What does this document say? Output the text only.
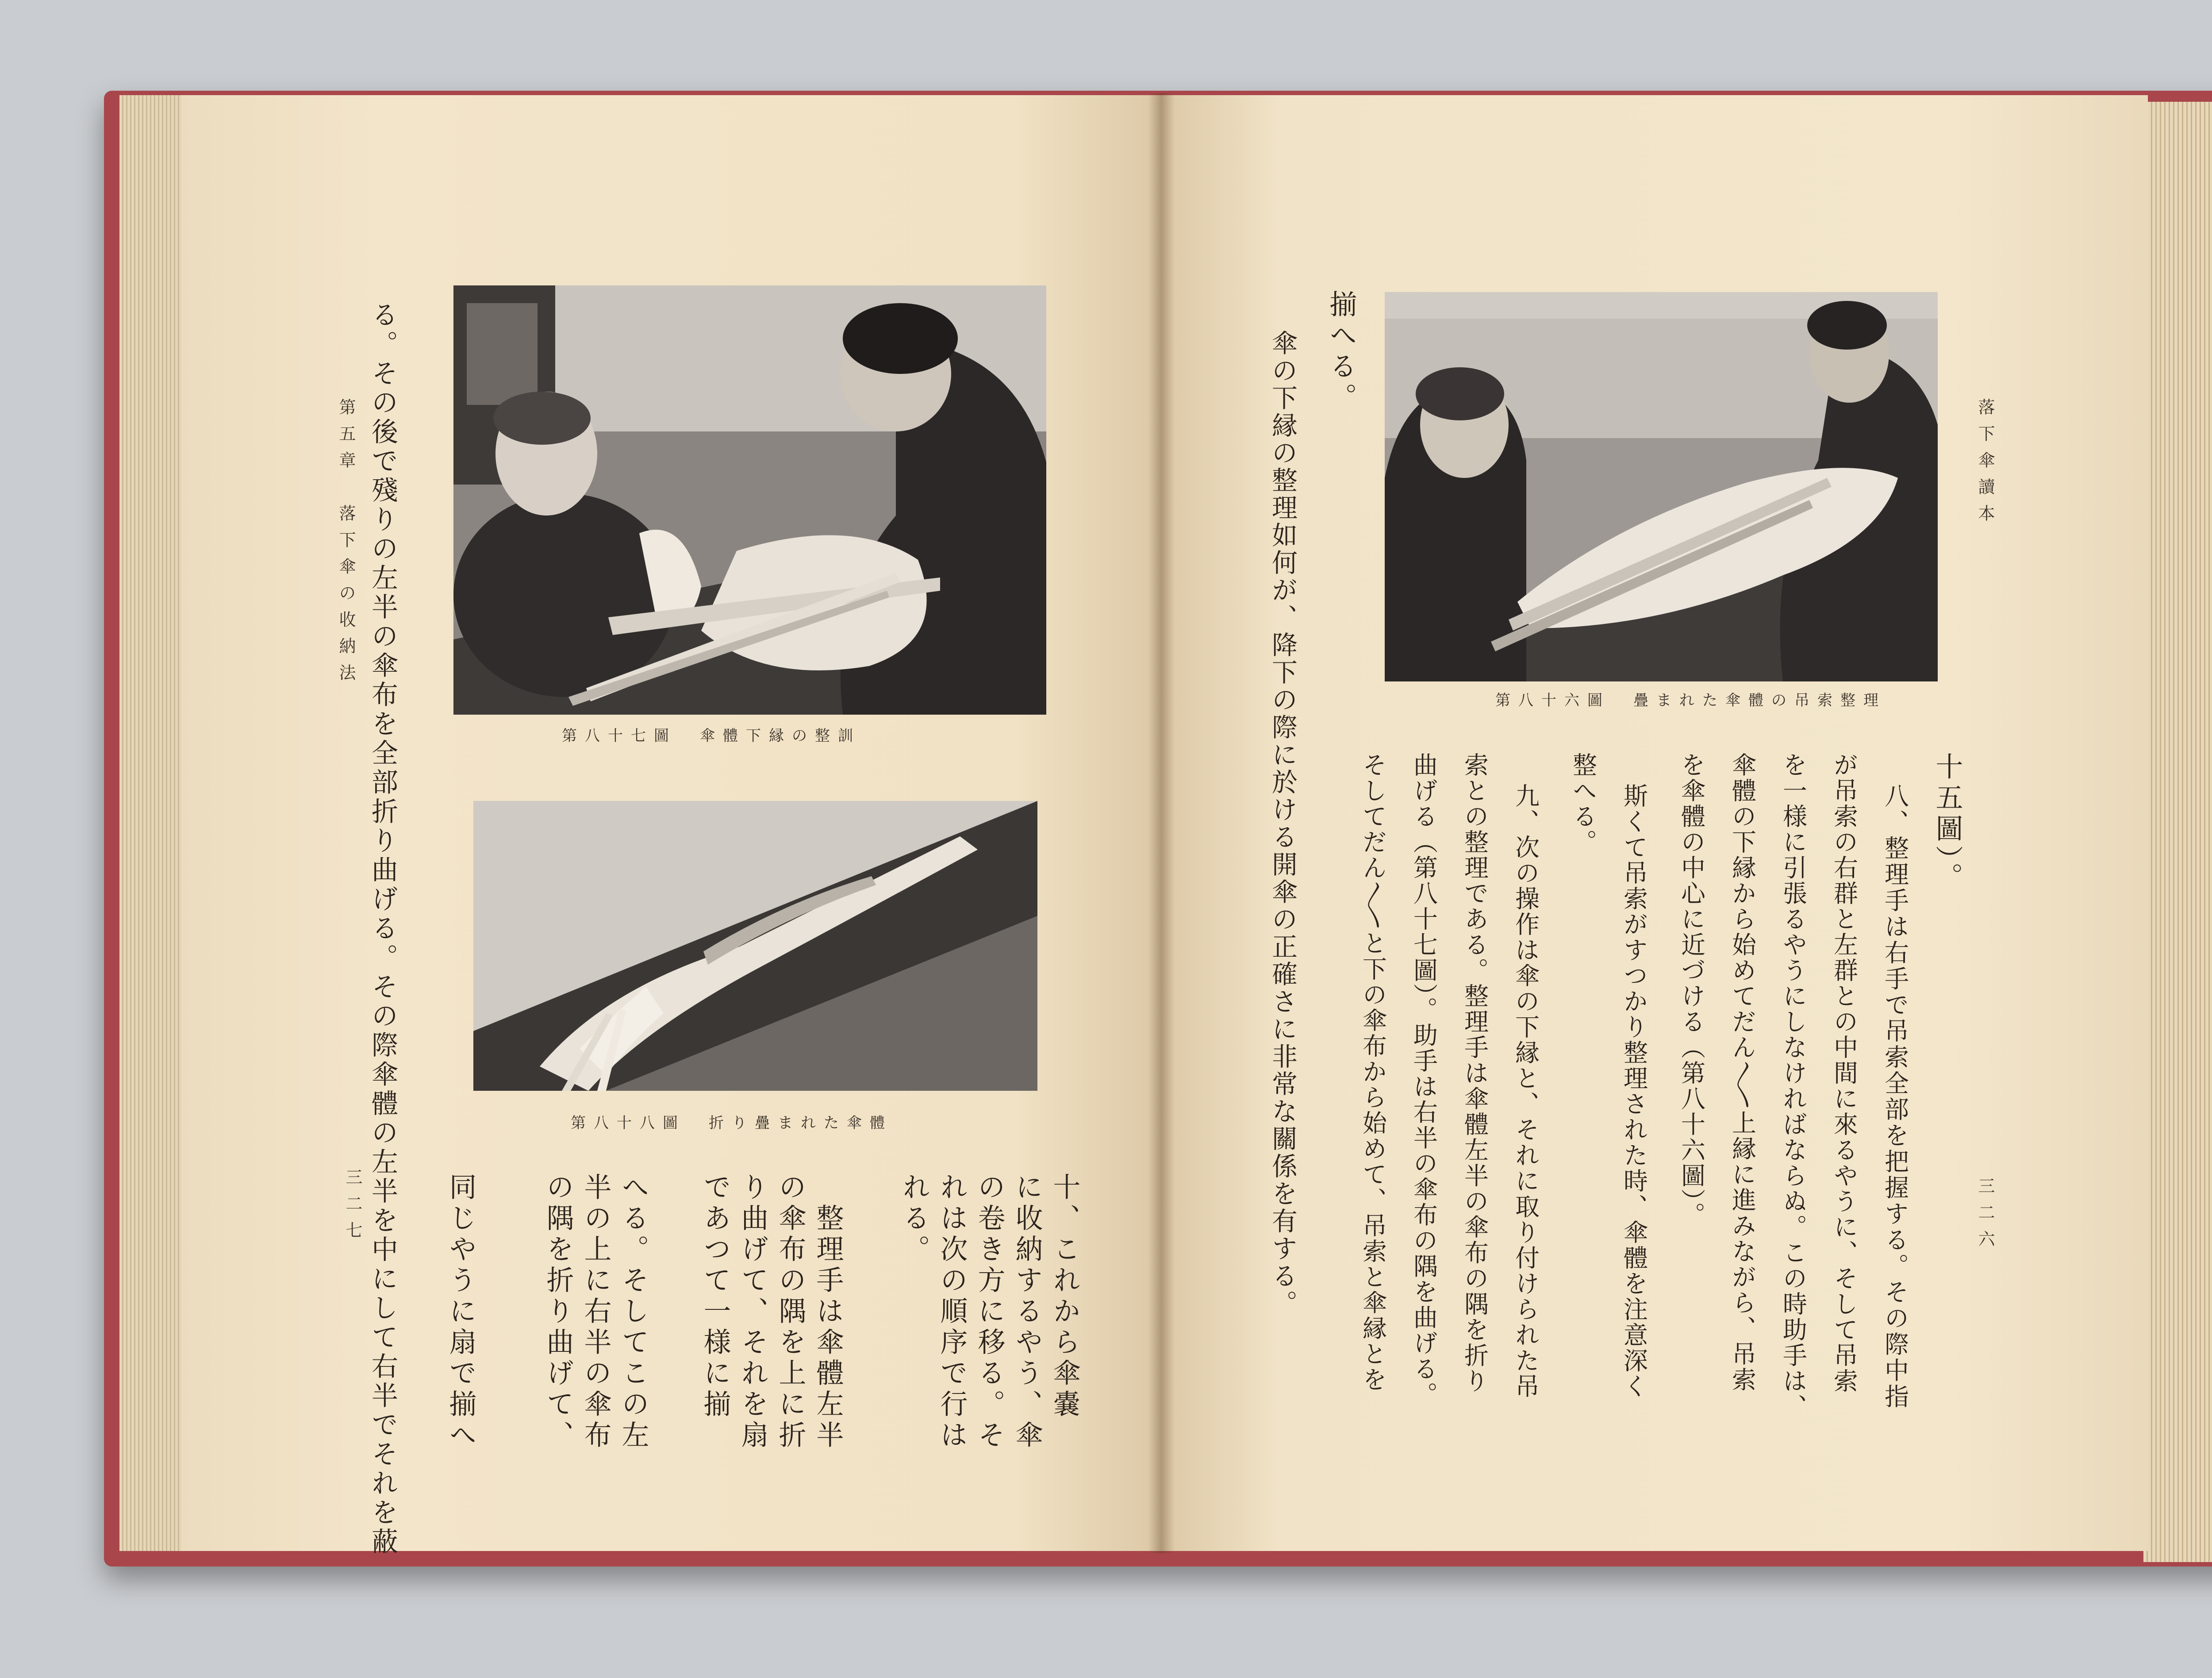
第八十七圖　傘體下縁の整訓
第八十八圖　折り疊まれた傘體
る。その後で殘りの左半の傘布を全部折り曲げる。その際傘體の左半を中にして右半でそれを蔽	十、これから傘嚢
に收納するやう、傘
の卷き方に移る。そ
れは次の順序で行は
れる。
整理手は傘體左半
の傘布の隅を上に折
り曲げて、それを扇
であつて一様に揃
へる。そしてこの左
半の上に右半の傘布
の隅を折り曲げて、
同じやうに扇で揃へ
第五章　落下傘の收納法
三二七
第八十六圖　疊まれた傘體の吊索整理
揃へる。
傘の下縁の整理如何が、降下の際に於ける開傘の正確さに非常な關係を有する。	十五圖）。
八、整理手は右手で吊索全部を把握する。その際中指
が吊索の右群と左群との中間に來るやうに、そして吊索
を一様に引張るやうにしなければならぬ。この時助手は、
傘體の下縁から始めてだん〳〵上縁に進みながら、吊索
を傘體の中心に近づける（第八十六圖）。
斯くて吊索がすつかり整理された時、傘體を注意深く
整へる。
九、次の操作は傘の下縁と、それに取り付けられた吊
索との整理である。整理手は傘體左半の傘布の隅を折り
曲げる（第八十七圖）。助手は右半の傘布の隅を曲げる。
そしてだん〳〵と下の傘布から始めて、吊索と傘縁とを
落下傘讀本
三二六
